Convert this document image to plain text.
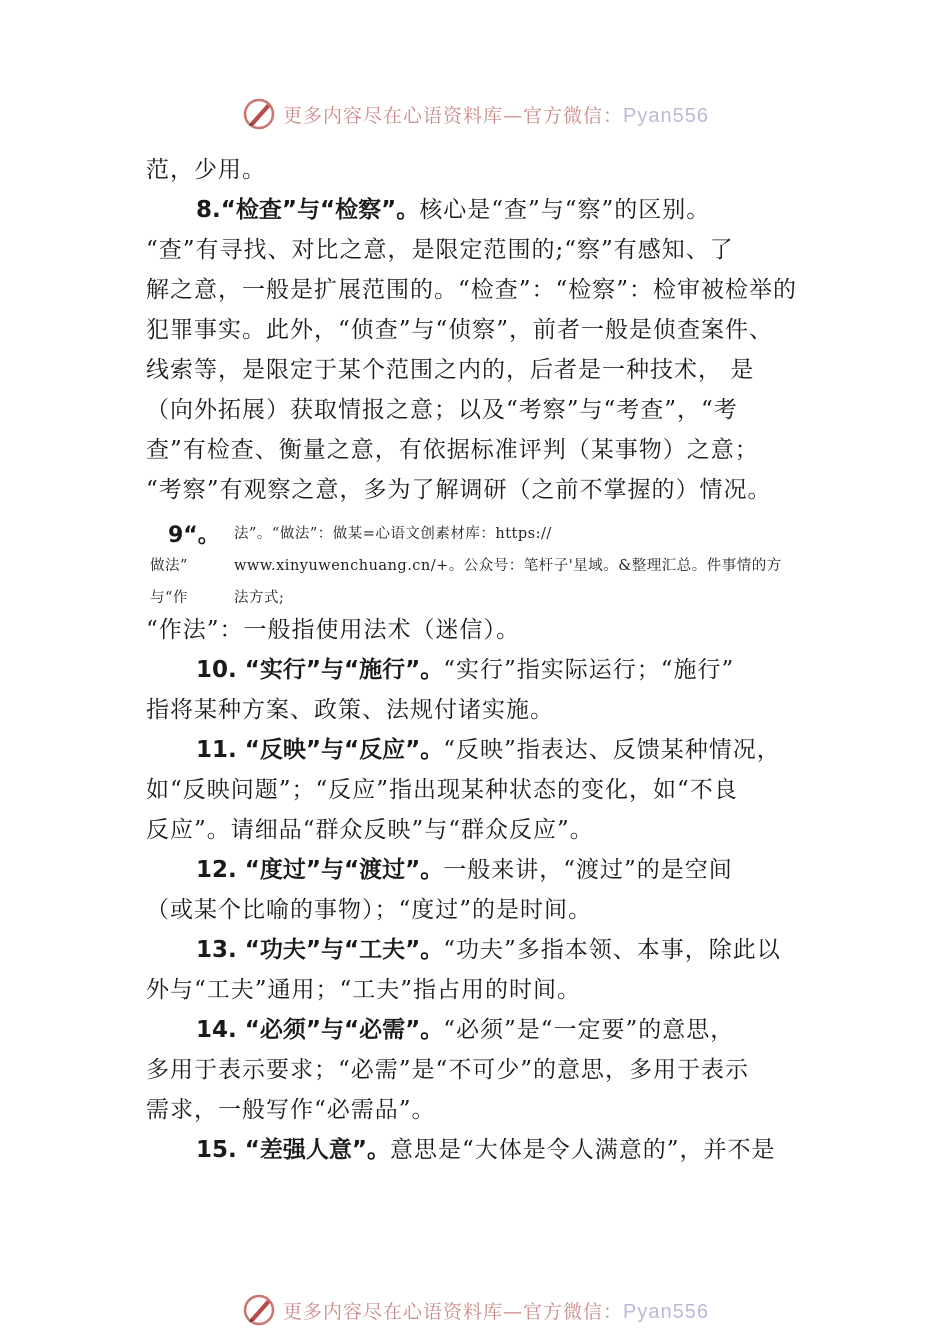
更多内容尽在心语资料库—官方微信：Pyan556
范，少用。
8.“检查”与“检察”。核心是“查”与“察”的区别。
“查”有寻找、对比之意，是限定范围的;“察”有感知、了
解之意，一般是扩展范围的。“检查”：“检察”：检审被检举的
犯罪事实。此外，“侦查”与“侦察”，前者一般是侦查案件、
线索等，是限定于某个范围之内的，后者是一种技术， 是
（向外拓展）获取情报之意；以及“考察”与“考查”，“考
查”有检查、衡量之意，有依据标准评判（某事物）之意；
“考察”有观察之意，多为了解调研（之前不掌握的）情况。
9“。 法”。“做法”：做某=心语文创素材库：https://
做法”	www.xinyuwenchuang.cn/+。公众号：笔杆子'星域。&整理汇总。件事情的方
与“作	法方式;
“作法”：一般指使用法术（迷信）。
10. “实行”与“施行”。“实行”指实际运行；“施行”
指将某种方案、政策、法规付诸实施。
11. “反映”与“反应”。“反映”指表达、反馈某种情况，
如“反映问题”；“反应”指出现某种状态的变化，如“不良
反应”。请细品“群众反映”与“群众反应”。
12. “度过”与“渡过”。一般来讲，“渡过”的是空间
（或某个比喻的事物）；“度过”的是时间。
13. “功夫”与“工夫”。“功夫”多指本领、本事，除此以
外与“工夫”通用；“工夫”指占用的时间。
14. “必须”与“必需”。“必须”是“一定要”的意思，
多用于表示要求；“必需”是“不可少”的意思，多用于表示
需求，一般写作“必需品”。
15. “差强人意”。意思是“大体是令人满意的”，并不是
更多内容尽在心语资料库—官方微信：Pyan556
